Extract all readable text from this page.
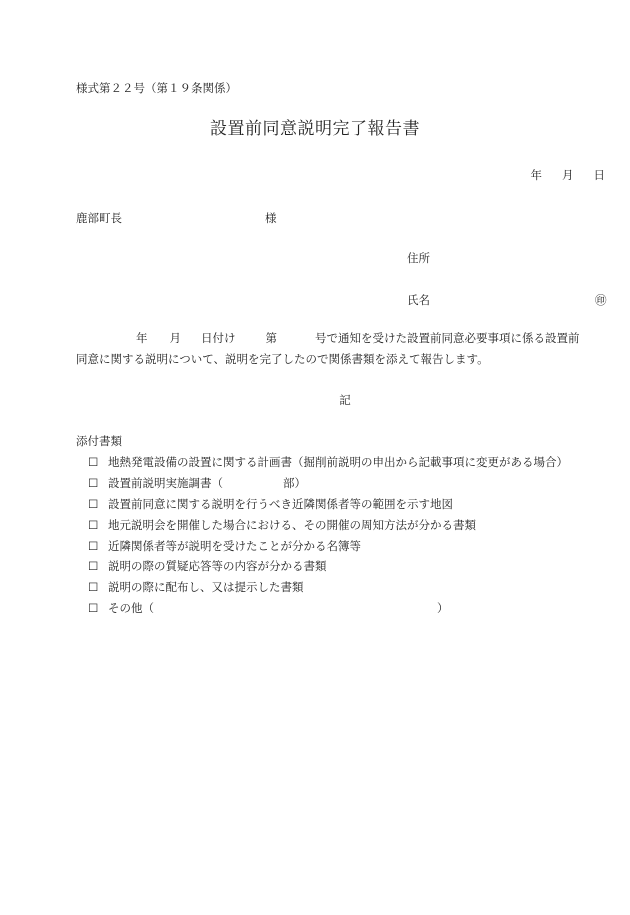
様式第２２号（第１９条関係）
設置前同意説明完了報告書
年 月 日
鹿部町長	様
住所
氏名	㊞
年 月 日付け	第	号で通知を受けた設置前同意必要事項に係る設置前
同意に関する説明について、説明を完了したので関係書類を添えて報告します。
記
添付書類
☐ 地熱発電設備の設置に関する計画書（掘削前説明の申出から記載事項に変更がある場合）
☐ 設置前説明実施調書（	部）
☐ 設置前同意に関する説明を行うべき近隣関係者等の範囲を示す地図
☐ 地元説明会を開催した場合における、その開催の周知方法が分かる書類
☐ 近隣関係者等が説明を受けたことが分かる名簿等
☐ 説明の際の質疑応答等の内容が分かる書類
☐ 説明の際に配布し、又は提示した書類
☐ その他（	）
